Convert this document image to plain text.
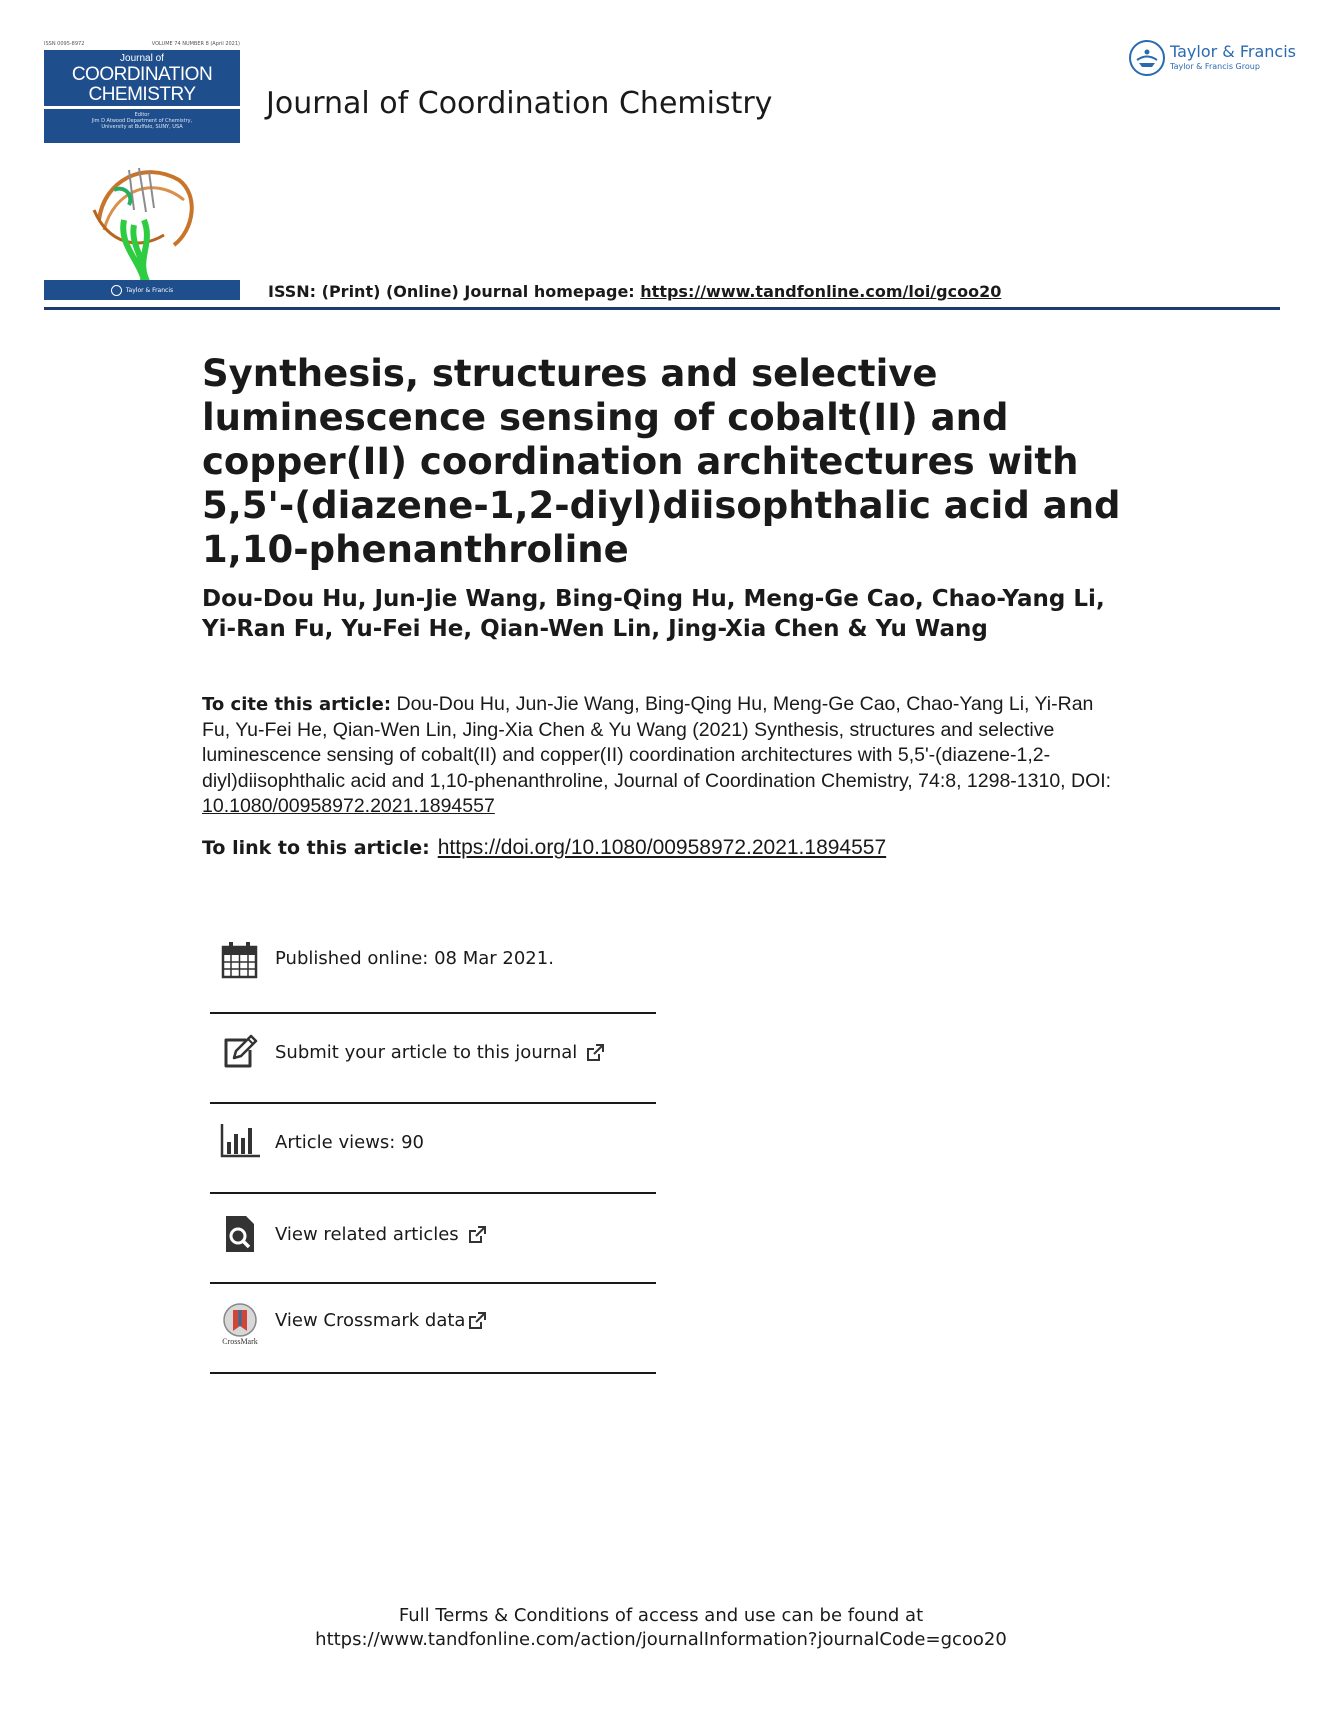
ISSN 0095-8972	VOLUME 74 NUMBER 8 (April 2021)
Journal of
COORDINATION
CHEMISTRY
Editor
Jim D Atwood Department of Chemistry,
University at Buffalo, SUNY, USA
Taylor & Francis
Journal of Coordination Chemistry
ISSN: (Print) (Online) Journal homepage: https://www.tandfonline.com/loi/gcoo20
Taylor & Francis
Taylor & Francis Group
Synthesis, structures and selective luminescence sensing of cobalt(II) and copper(II) coordination architectures with 5,5'-(diazene-1,2-diyl)diisophthalic acid and 1,10-phenanthroline
Dou-Dou Hu, Jun-Jie Wang, Bing-Qing Hu, Meng-Ge Cao, Chao-Yang Li, Yi-Ran Fu, Yu-Fei He, Qian-Wen Lin, Jing-Xia Chen & Yu Wang
To cite this article: Dou-Dou Hu, Jun-Jie Wang, Bing-Qing Hu, Meng-Ge Cao, Chao-Yang Li, Yi-Ran Fu, Yu-Fei He, Qian-Wen Lin, Jing-Xia Chen & Yu Wang (2021) Synthesis, structures and selective luminescence sensing of cobalt(II) and copper(II) coordination architectures with 5,5'-(diazene-1,2-diyl)diisophthalic acid and 1,10-phenanthroline, Journal of Coordination Chemistry, 74:8, 1298-1310, DOI: 10.1080/00958972.2021.1894557
To link to this article: https://doi.org/10.1080/00958972.2021.1894557
Published online: 08 Mar 2021.
Submit your article to this journal
Article views: 90
View related articles
CrossMark
View Crossmark data
Full Terms & Conditions of access and use can be found at
https://www.tandfonline.com/action/journalInformation?journalCode=gcoo20
